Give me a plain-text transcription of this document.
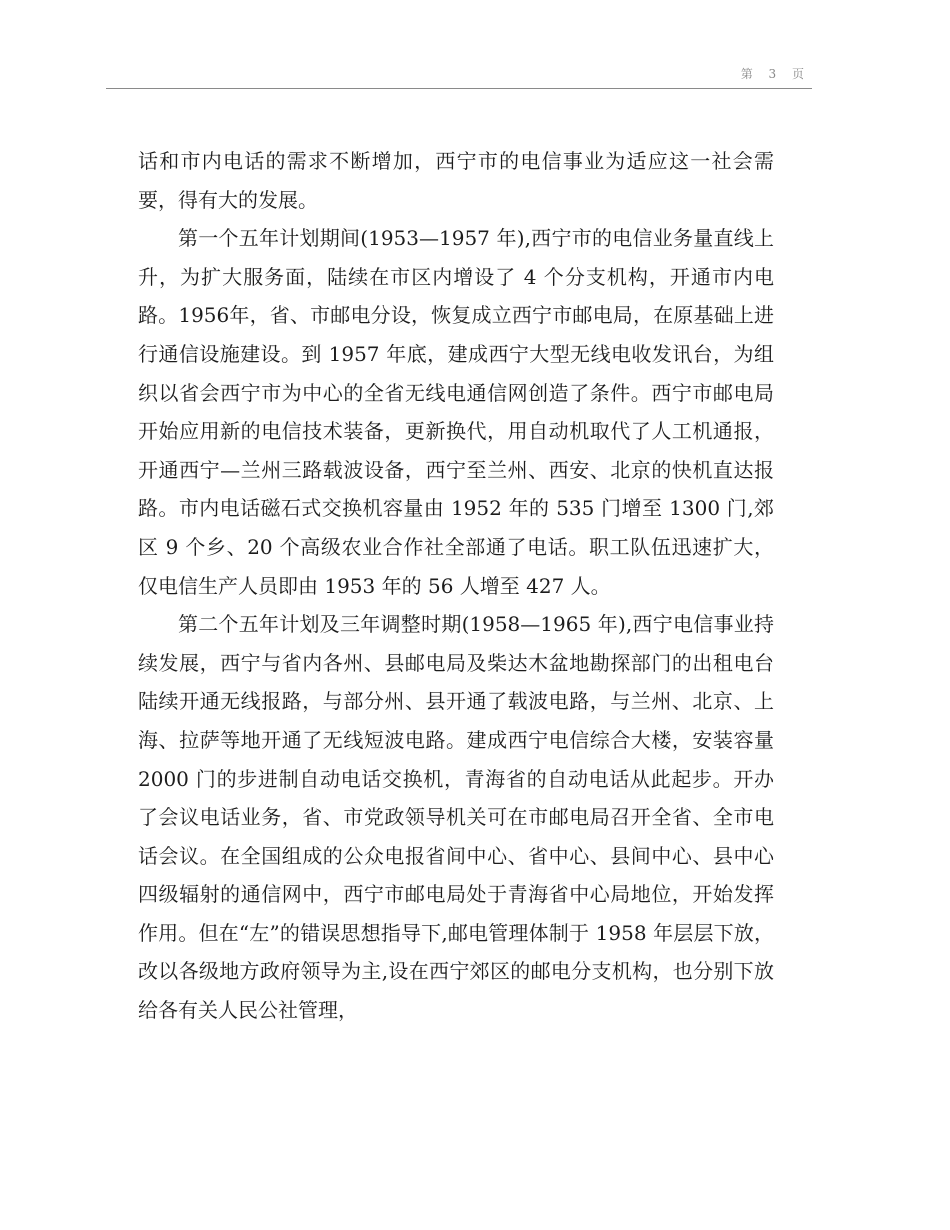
第 3 页

话和市内电话的需求不断增加，西宁市的电信事业为适应这一社会需要，得有大的发展。

第一个五年计划期间(1953—1957 年),西宁市的电信业务量直线上升，为扩大服务面，陆续在市区内增设了 4 个分支机构，开通市内电路。1956年，省、市邮电分设，恢复成立西宁市邮电局，在原基础上进行通信设施建设。到 1957 年底，建成西宁大型无线电收发讯台，为组织以省会西宁市为中心的全省无线电通信网创造了条件。西宁市邮电局开始应用新的电信技术装备，更新换代，用自动机取代了人工机通报，开通西宁—兰州三路载波设备，西宁至兰州、西安、北京的快机直达报路。市内电话磁石式交换机容量由 1952 年的 535 门增至 1300 门,郊区 9 个乡、20 个高级农业合作社全部通了电话。职工队伍迅速扩大，仅电信生产人员即由 1953 年的 56 人增至 427 人。

第二个五年计划及三年调整时期(1958—1965 年),西宁电信事业持续发展，西宁与省内各州、县邮电局及柴达木盆地勘探部门的出租电台陆续开通无线报路，与部分州、县开通了载波电路，与兰州、北京、上海、拉萨等地开通了无线短波电路。建成西宁电信综合大楼，安装容量 2000 门的步进制自动电话交换机，青海省的自动电话从此起步。开办了会议电话业务，省、市党政领导机关可在市邮电局召开全省、全市电话会议。在全国组成的公众电报省间中心、省中心、县间中心、县中心四级辐射的通信网中，西宁市邮电局处于青海省中心局地位，开始发挥作用。但在“左”的错误思想指导下,邮电管理体制于 1958 年层层下放，改以各级地方政府领导为主,设在西宁郊区的邮电分支机构，也分别下放给各有关人民公社管理，
